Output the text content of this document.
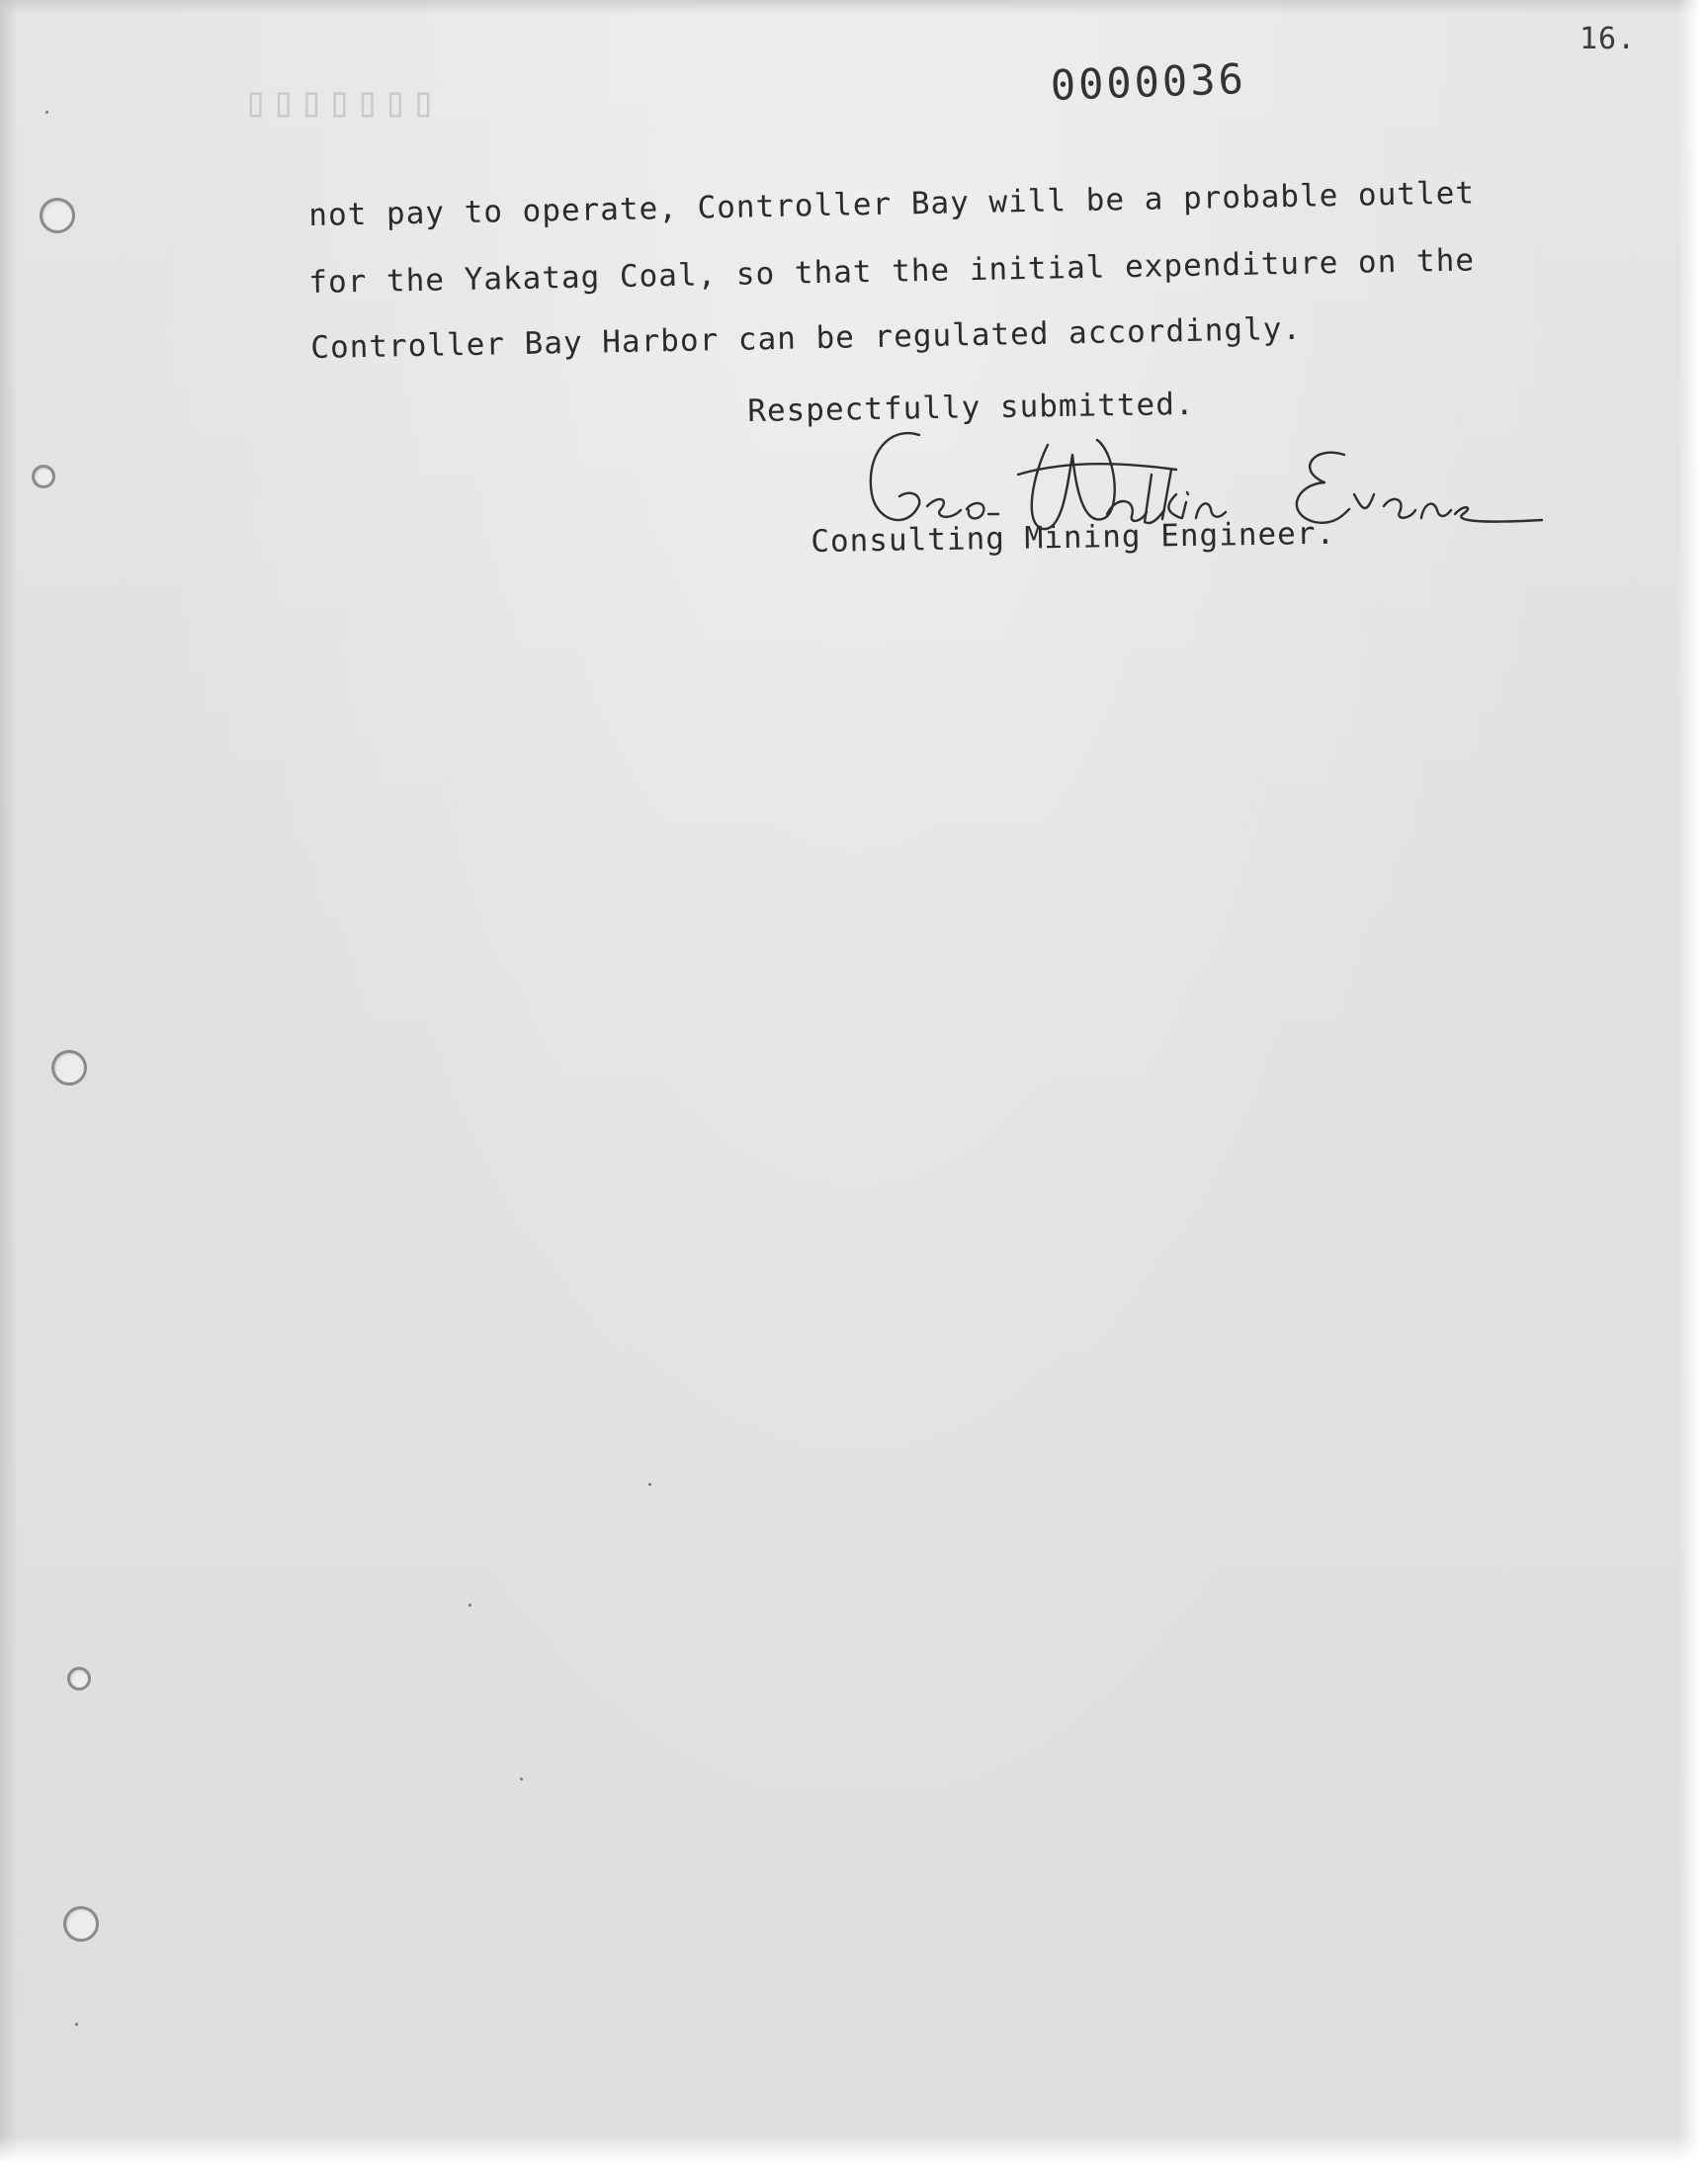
▯▯▯▯▯▯▯
16.
0000036
not pay to operate, Controller Bay will be a probable outlet
for the Yakatag Coal, so that the initial expenditure on the
Controller Bay Harbor can be regulated accordingly.
Respectfully submitted.
Consulting Mining Engineer.
